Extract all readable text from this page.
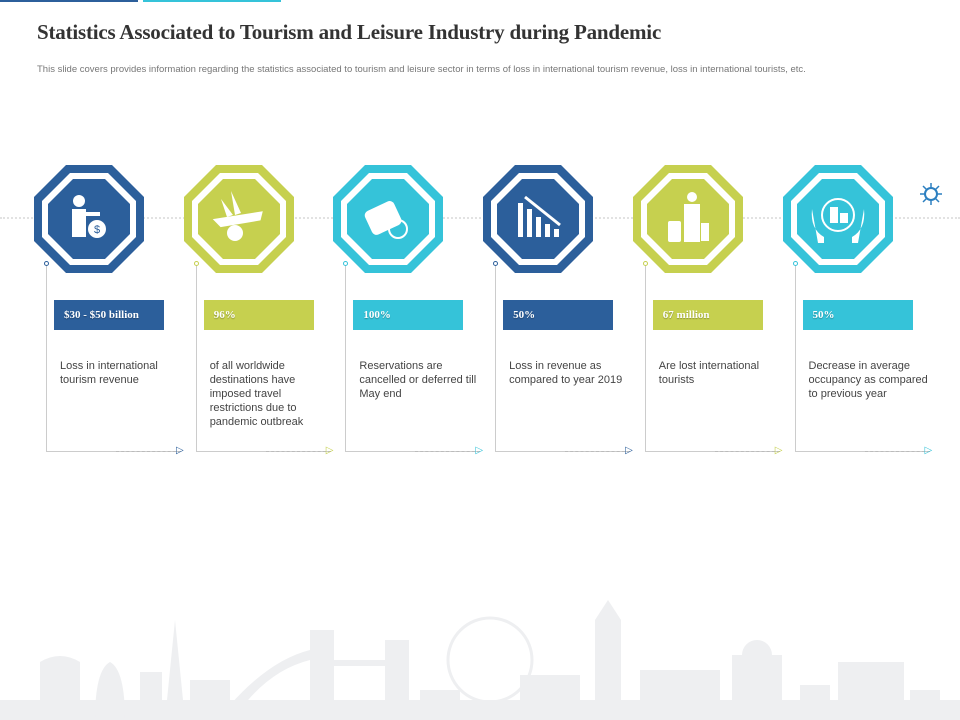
Statistics Associated to Tourism and Leisure Industry during Pandemic

This slide covers provides information regarding the statistics associated to tourism and leisure sector in terms of loss in international tourism revenue, loss in international tourists, etc.

$
▷
$30 - $50 billion
Loss in international tourism revenue
▷
96%
of all worldwide destinations have imposed travel restrictions due to pandemic outbreak
▷
100%
Reservations are cancelled or deferred till May end
▷
50%
Loss in revenue as compared to year 2019
▷
67 million
Are lost international tourists
▷
50%
Decrease in average occupancy as compared to previous year
